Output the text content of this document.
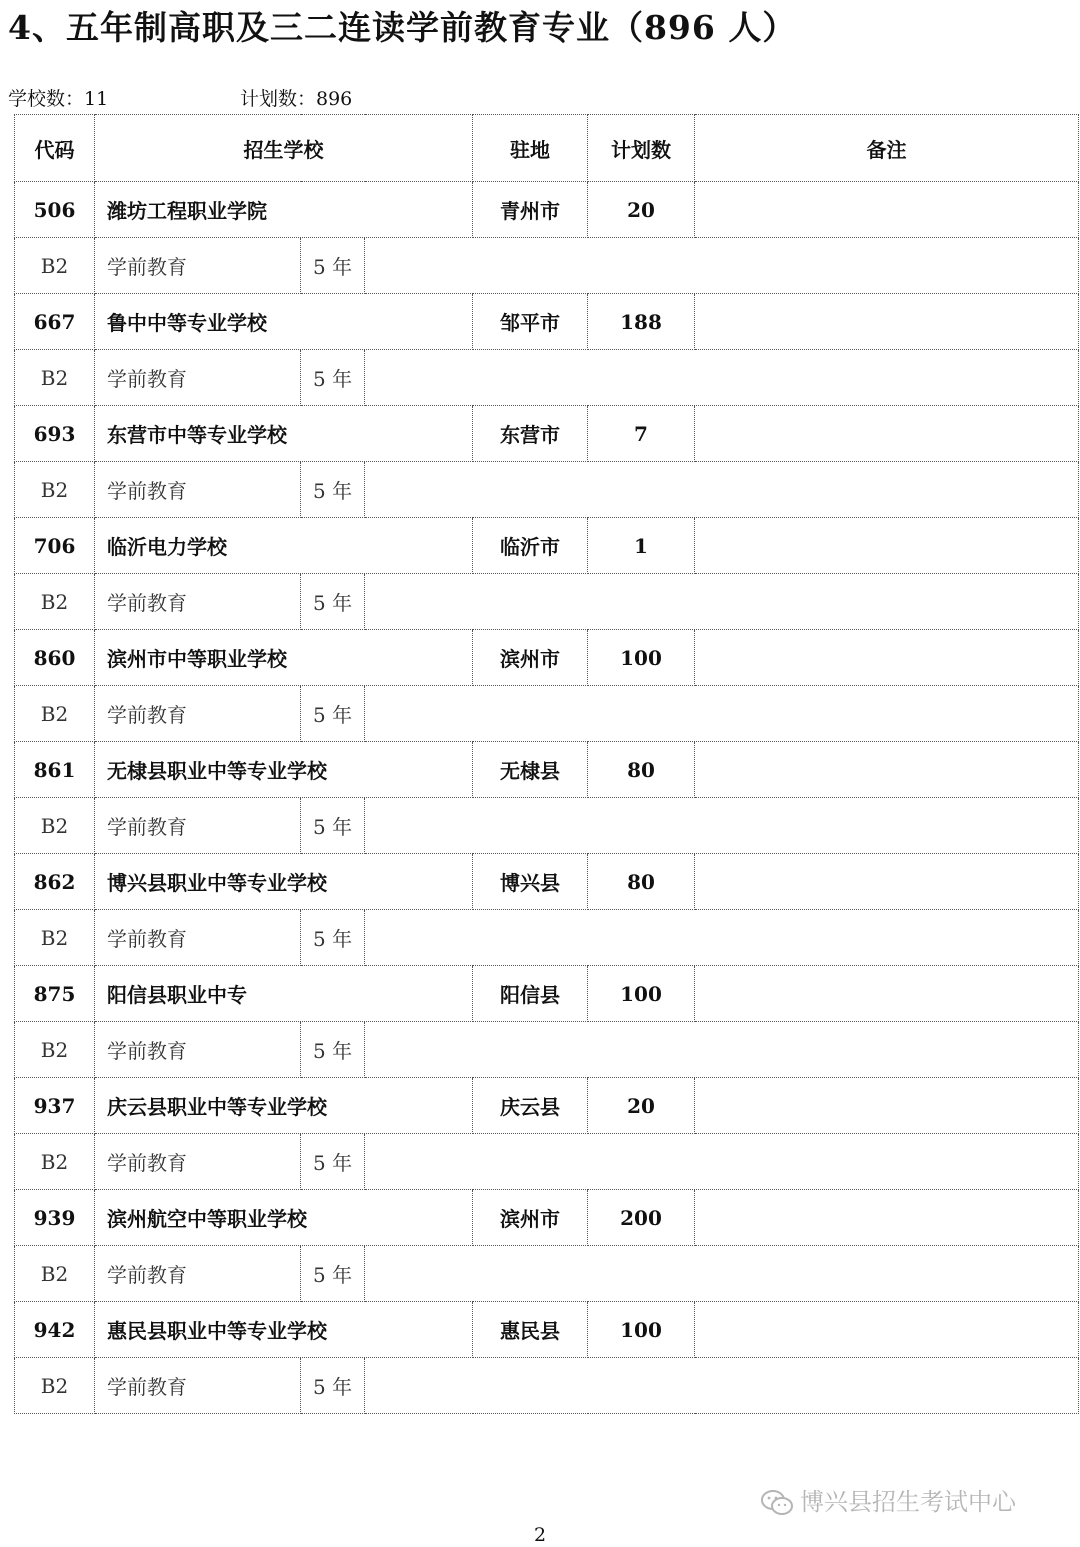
4、五年制高职及三二连读学前教育专业（896 人）
学校数：11	计划数：896
代码	招生学校			驻地	计划数	备注
506	潍坊工程职业学院			青州市	20	
B2	学前教育	5 年				
667	鲁中中等专业学校			邹平市	188	
B2	学前教育	5 年				
693	东营市中等专业学校			东营市	7	
B2	学前教育	5 年				
706	临沂电力学校			临沂市	1	
B2	学前教育	5 年				
860	滨州市中等职业学校			滨州市	100	
B2	学前教育	5 年				
861	无棣县职业中等专业学校			无棣县	80	
B2	学前教育	5 年				
862	博兴县职业中等专业学校			博兴县	80	
B2	学前教育	5 年				
875	阳信县职业中专			阳信县	100	
B2	学前教育	5 年				
937	庆云县职业中等专业学校			庆云县	20	
B2	学前教育	5 年				
939	滨州航空中等职业学校			滨州市	200	
B2	学前教育	5 年				
942	惠民县职业中等专业学校			惠民县	100	
B2	学前教育	5 年				
博兴县招生考试中心
2
